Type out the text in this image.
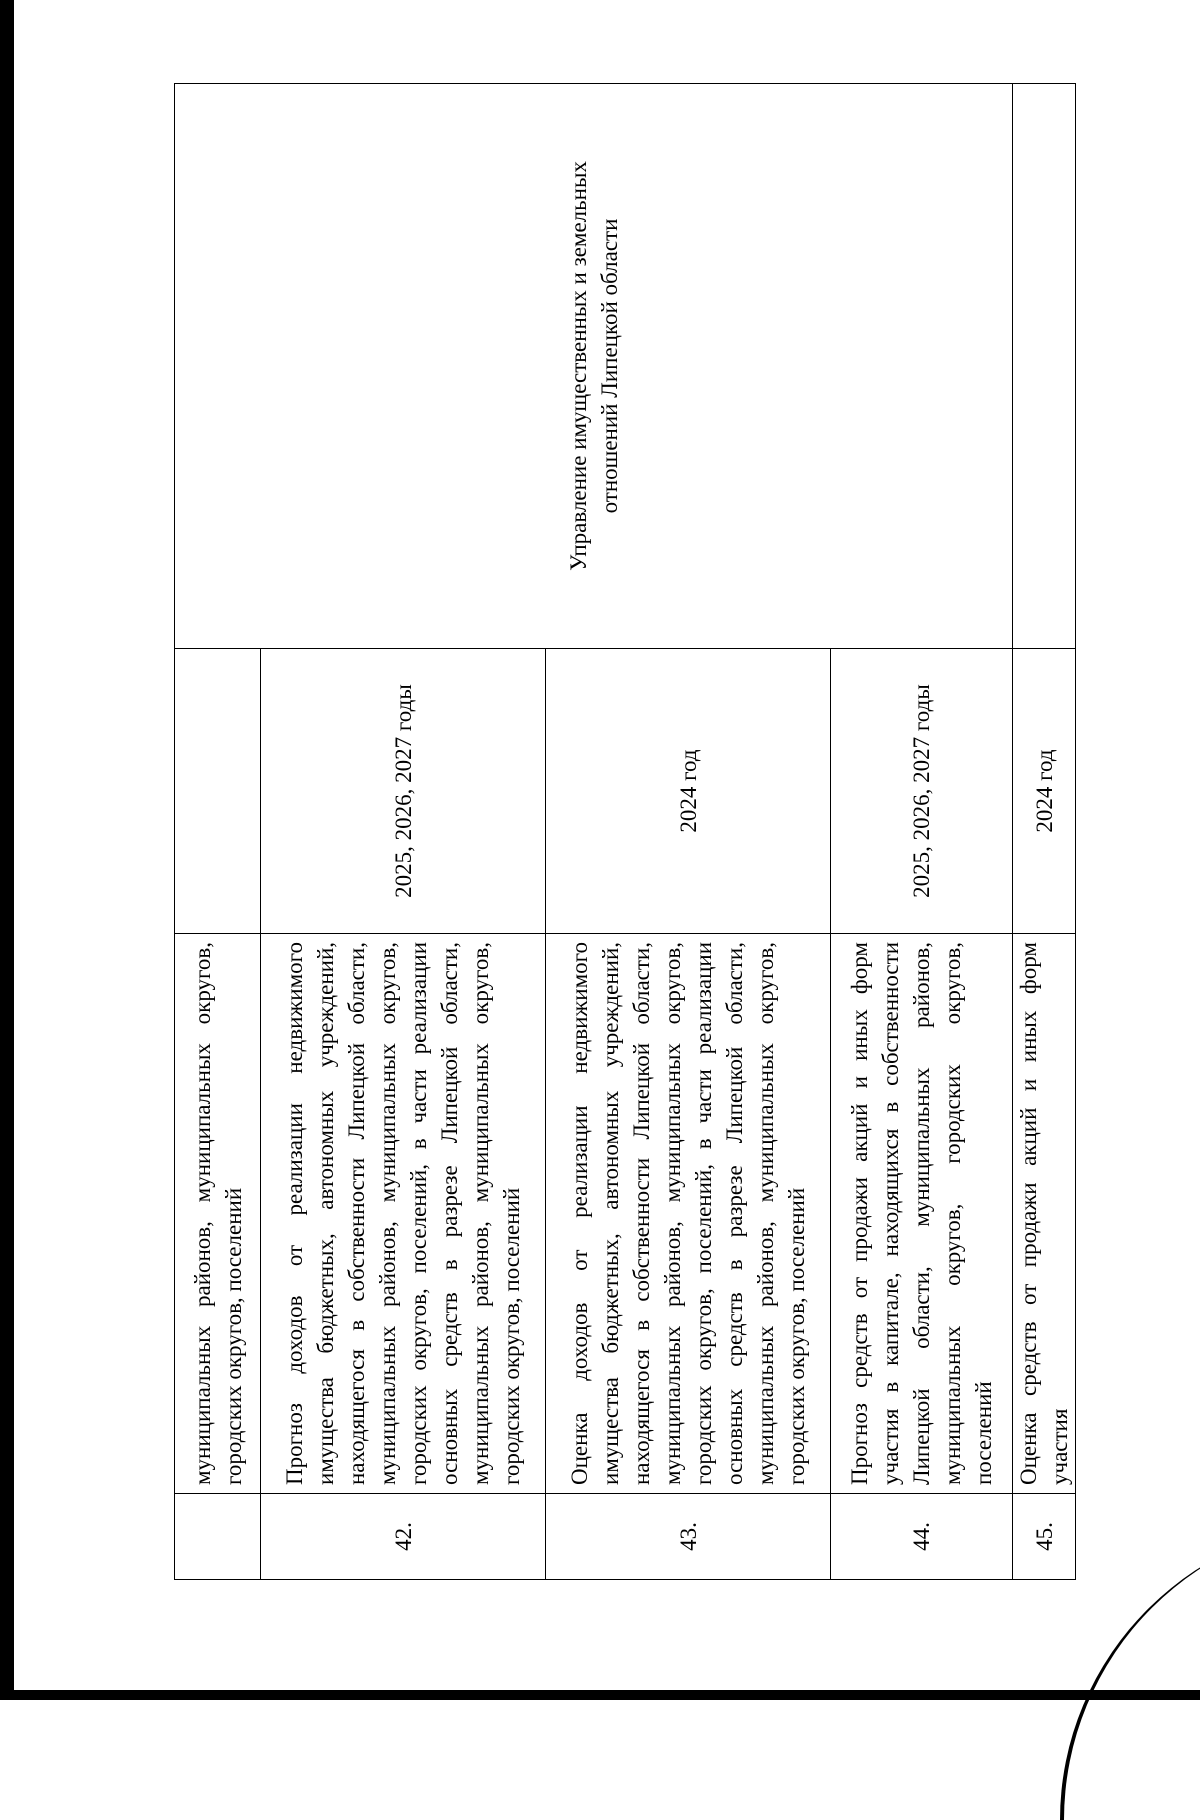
	муниципальных районов, муниципальных округов, городских округов, поселений		Управление имущественных и земельных отношений Липецкой области

42.	Прогноз доходов от реализации недвижимого имущества бюджетных, автономных учреждений, находящегося в собственности Липецкой области, муниципальных районов, муниципальных округов, городских округов, поселений, в части реализации основных средств в разрезе Липецкой области, муниципальных районов, муниципальных округов, городских округов, поселений	2025, 2026, 2027 годы	
43.	Оценка доходов от реализации недвижимого имущества бюджетных, автономных учреждений, находящегося в собственности Липецкой области, муниципальных районов, муниципальных округов, городских округов, поселений, в части реализации основных средств в разрезе Липецкой области, муниципальных районов, муниципальных округов, городских округов, поселений	2024 год	
44.	Прогноз средств от продажи акций и иных форм участия в капитале, находящихся в собственности Липецкой области, муниципальных районов, муниципальных округов, городских округов, поселений	2025, 2026, 2027 годы	
45.	Оценка средств от продажи акций и иных форм участия	2024 год	
